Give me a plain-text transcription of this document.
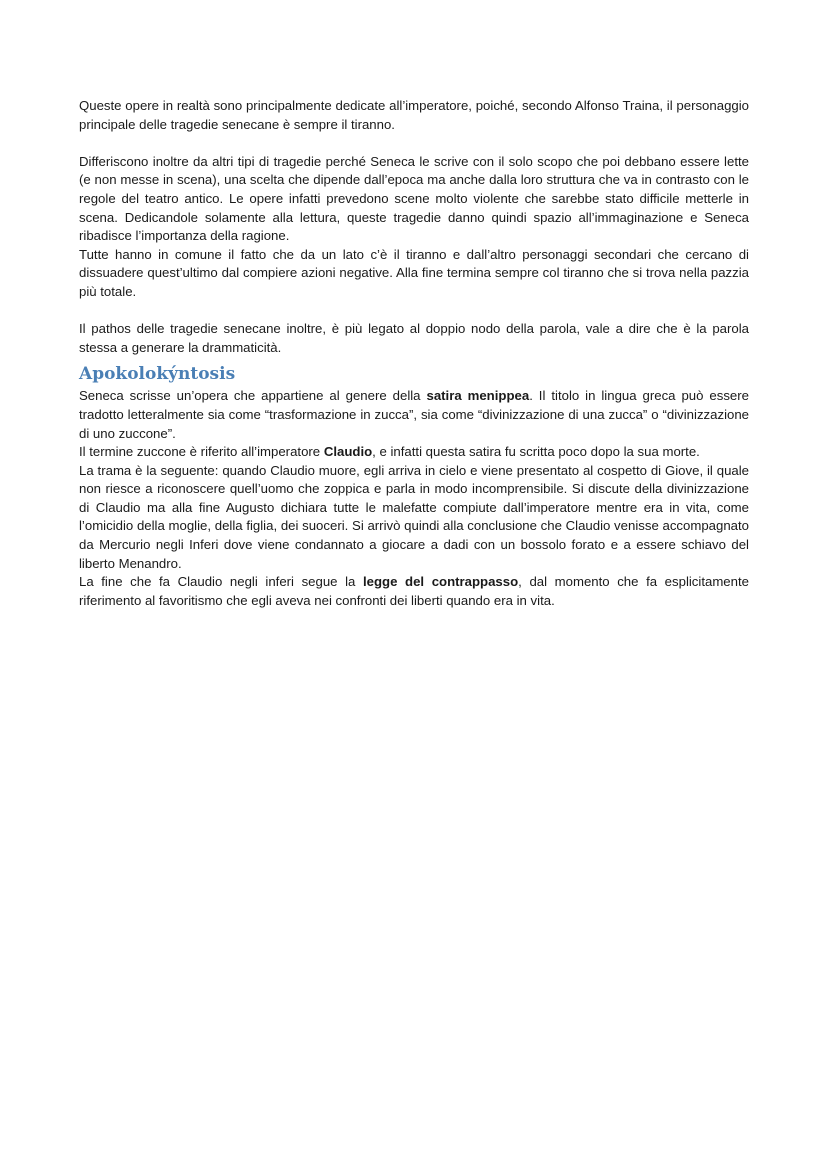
Queste opere in realtà sono principalmente dedicate all’imperatore, poiché, secondo Alfonso Traina, il personaggio principale delle tragedie senecane è sempre il tiranno.

Differiscono inoltre da altri tipi di tragedie perché Seneca le scrive con il solo scopo che poi debbano essere lette (e non messe in scena), una scelta che dipende dall’epoca ma anche dalla loro struttura che va in contrasto con le regole del teatro antico. Le opere infatti prevedono scene molto violente che sarebbe stato difficile metterle in scena. Dedicandole solamente alla lettura, queste tragedie danno quindi spazio all’immaginazione e Seneca ribadisce l’importanza della ragione.

Tutte hanno in comune il fatto che da un lato c’è il tiranno e dall’altro personaggi secondari che cercano di dissuadere quest’ultimo dal compiere azioni negative. Alla fine termina sempre col tiranno che si trova nella pazzia più totale.

Il pathos delle tragedie senecane inoltre, è più legato al doppio nodo della parola, vale a dire che è la parola stessa a generare la drammaticità.

Apokolokýntosis

Seneca scrisse un’opera che appartiene al genere della satira menippea. Il titolo in lingua greca può essere tradotto letteralmente sia come “trasformazione in zucca”, sia come “divinizzazione di una zucca” o “divinizzazione di uno zuccone”.

Il termine zuccone è riferito all’imperatore Claudio, e infatti questa satira fu scritta poco dopo la sua morte.

La trama è la seguente: quando Claudio muore, egli arriva in cielo e viene presentato al cospetto di Giove, il quale non riesce a riconoscere quell’uomo che zoppica e parla in modo incomprensibile. Si discute della divinizzazione di Claudio ma alla fine Augusto dichiara tutte le malefatte compiute dall’imperatore mentre era in vita, come l’omicidio della moglie, della figlia, dei suoceri. Si arrivò quindi alla conclusione che Claudio venisse accompagnato da Mercurio negli Inferi dove viene condannato a giocare a dadi con un bossolo forato e a essere schiavo del liberto Menandro.

La fine che fa Claudio negli inferi segue la legge del contrappasso, dal momento che fa esplicitamente riferimento al favoritismo che egli aveva nei confronti dei liberti quando era in vita.
